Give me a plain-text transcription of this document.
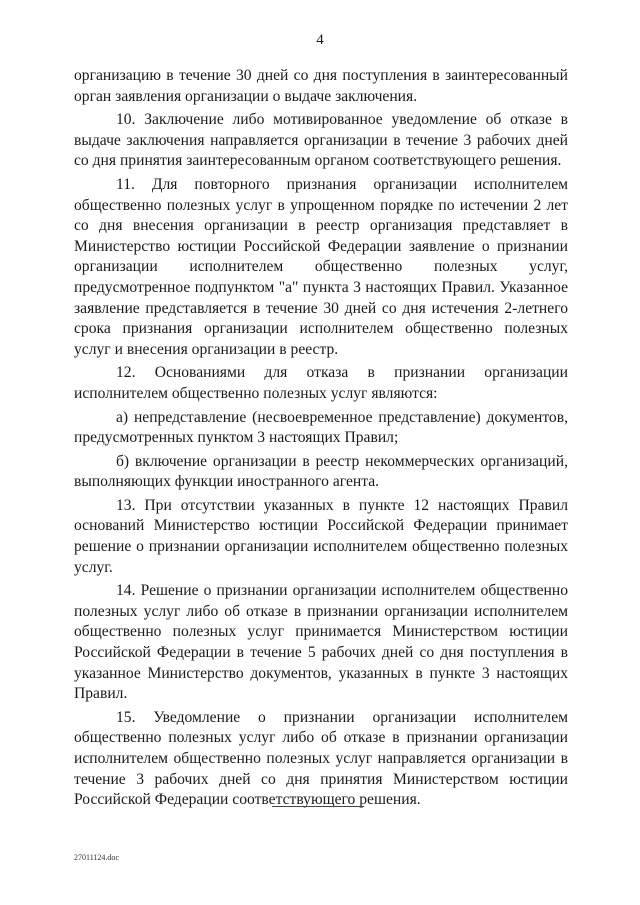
4

организацию в течение 30 дней со дня поступления в заинтересованный орган заявления организации о выдаче заключения.

10. Заключение либо мотивированное уведомление об отказе в выдаче заключения направляется организации в течение 3 рабочих дней со дня принятия заинтересованным органом соответствующего решения.

11. Для повторного признания организации исполнителем общественно полезных услуг в упрощенном порядке по истечении 2 лет со дня внесения организации в реестр организация представляет в Министерство юстиции Российской Федерации заявление о признании организации исполнителем общественно полезных услуг, предусмотренное подпунктом "а" пункта 3 настоящих Правил. Указанное заявление представляется в течение 30 дней со дня истечения 2-летнего срока признания организации исполнителем общественно полезных услуг и внесения организации в реестр.

12. Основаниями для отказа в признании организации исполнителем общественно полезных услуг являются:

а) непредставление (несвоевременное представление) документов, предусмотренных пунктом 3 настоящих Правил;

б) включение организации в реестр некоммерческих организаций, выполняющих функции иностранного агента.

13. При отсутствии указанных в пункте 12 настоящих Правил оснований Министерство юстиции Российской Федерации принимает решение о признании организации исполнителем общественно полезных услуг.

14. Решение о признании организации исполнителем общественно полезных услуг либо об отказе в признании организации исполнителем общественно полезных услуг принимается Министерством юстиции Российской Федерации в течение 5 рабочих дней со дня поступления в указанное Министерство документов, указанных в пункте 3 настоящих Правил.

15. Уведомление о признании организации исполнителем общественно полезных услуг либо об отказе в признании организации исполнителем общественно полезных услуг направляется организации в течение 3 рабочих дней со дня принятия Министерством юстиции Российской Федерации соответствующего решения.

27011124.doc
